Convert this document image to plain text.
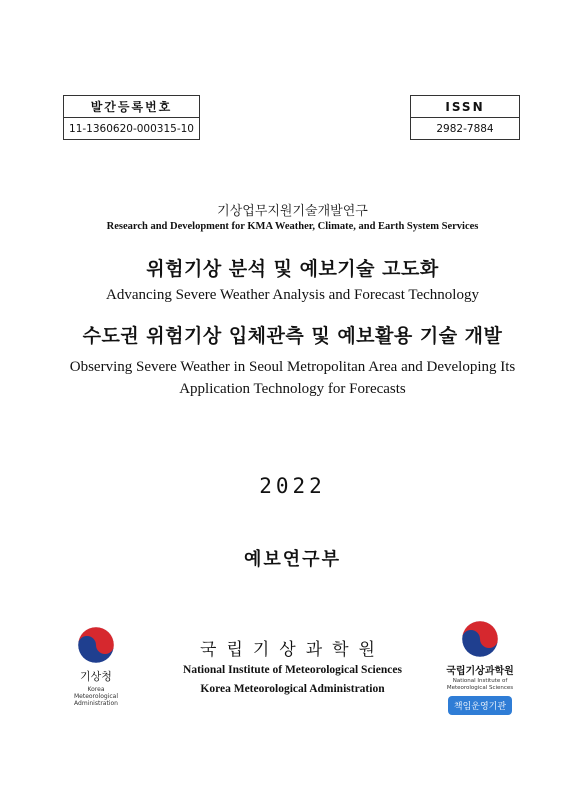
발간등록번호
11-1360620-000315-10
ISSN
2982-7884
기상업무지원기술개발연구
Research and Development for KMA Weather, Climate, and Earth System Services
위험기상 분석 및 예보기술 고도화
Advancing Severe Weather Analysis and Forecast Technology
수도권 위험기상 입체관측 및 예보활용 기술 개발
Observing Severe Weather in Seoul Metropolitan Area and Developing Its
Application Technology for Forecasts
2022
예보연구부
기상청
Korea Meteorological
Administration
국립기상과학원
National Institute of Meteorological Sciences
Korea Meteorological Administration
국립기상과학원
National Institute of
Meteorological Sciences
책임운영기관
